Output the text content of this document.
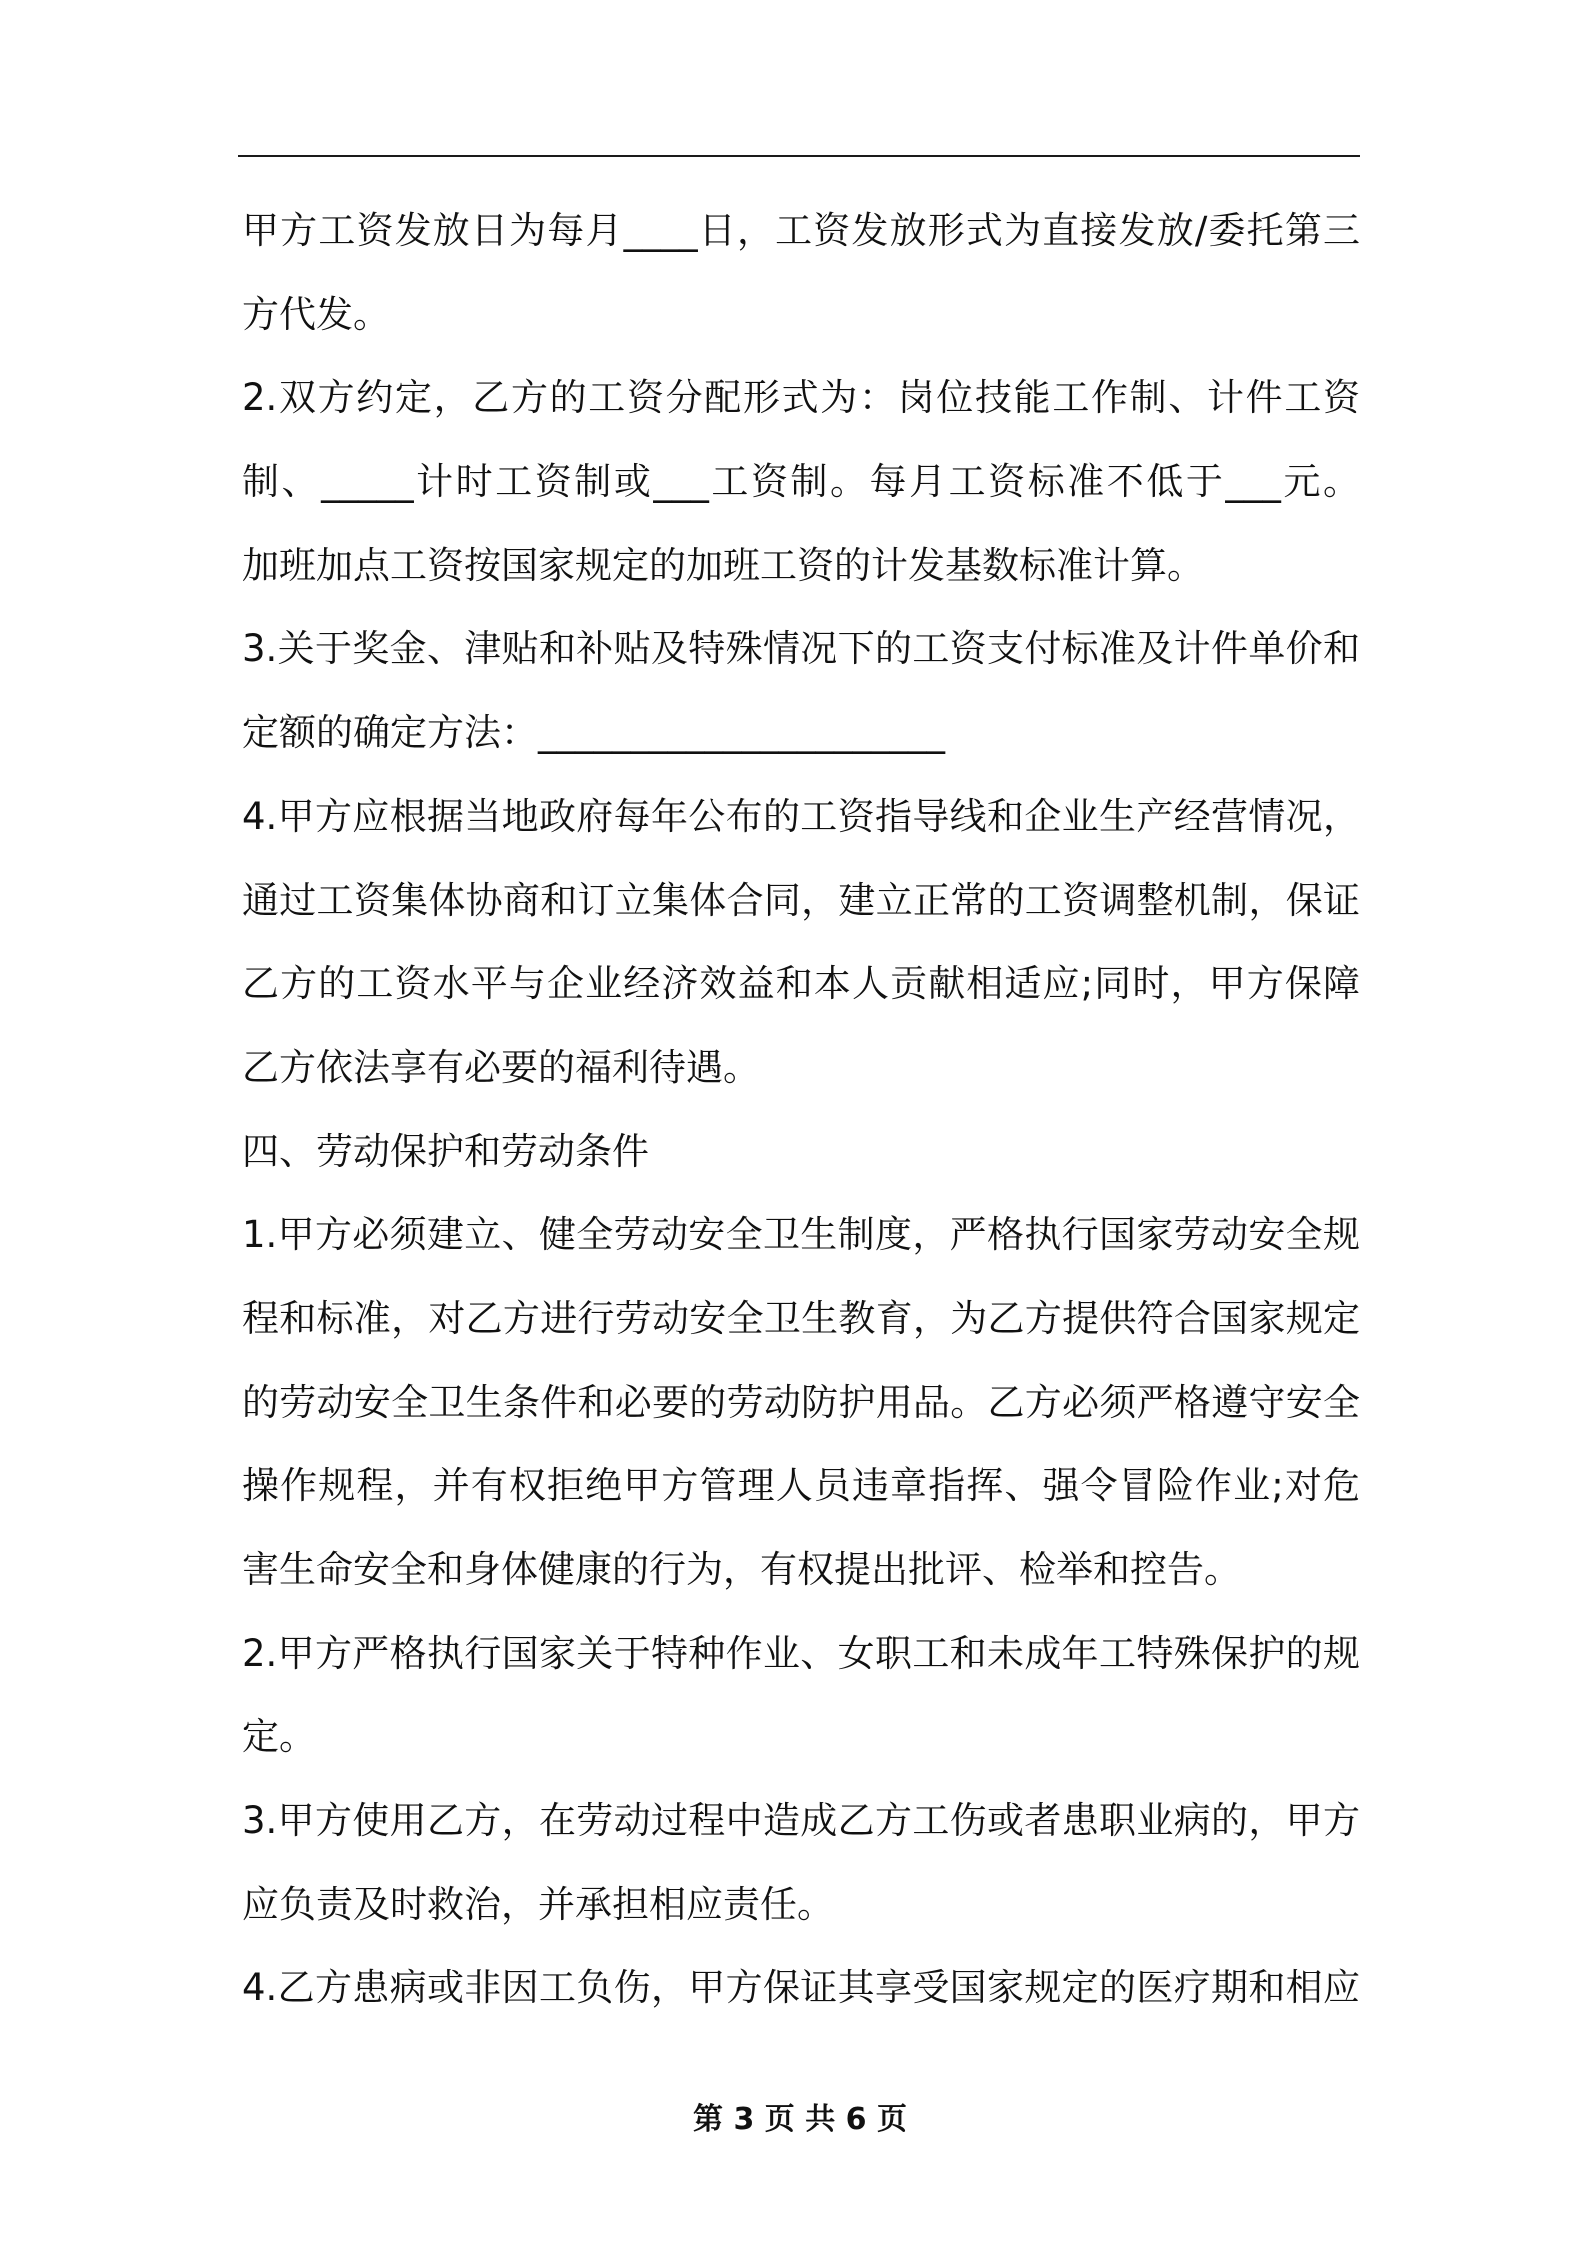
甲方工资发放日为每月____日，工资发放形式为直接发放/委托第三
方代发。
2.双方约定，乙方的工资分配形式为：岗位技能工作制、计件工资
制、_____计时工资制或___工资制。每月工资标准不低于___元。
加班加点工资按国家规定的加班工资的计发基数标准计算。
3.关于奖金、津贴和补贴及特殊情况下的工资支付标准及计件单价和
定额的确定方法：______________________
4.甲方应根据当地政府每年公布的工资指导线和企业生产经营情况，
通过工资集体协商和订立集体合同，建立正常的工资调整机制，保证
乙方的工资水平与企业经济效益和本人贡献相适应;同时，甲方保障
乙方依法享有必要的福利待遇。
四、劳动保护和劳动条件
1.甲方必须建立、健全劳动安全卫生制度，严格执行国家劳动安全规
程和标准，对乙方进行劳动安全卫生教育，为乙方提供符合国家规定
的劳动安全卫生条件和必要的劳动防护用品。乙方必须严格遵守安全
操作规程，并有权拒绝甲方管理人员违章指挥、强令冒险作业;对危
害生命安全和身体健康的行为，有权提出批评、检举和控告。
2.甲方严格执行国家关于特种作业、女职工和未成年工特殊保护的规
定。
3.甲方使用乙方，在劳动过程中造成乙方工伤或者患职业病的，甲方
应负责及时救治，并承担相应责任。
4.乙方患病或非因工负伤，甲方保证其享受国家规定的医疗期和相应
第 3 页 共 6 页
